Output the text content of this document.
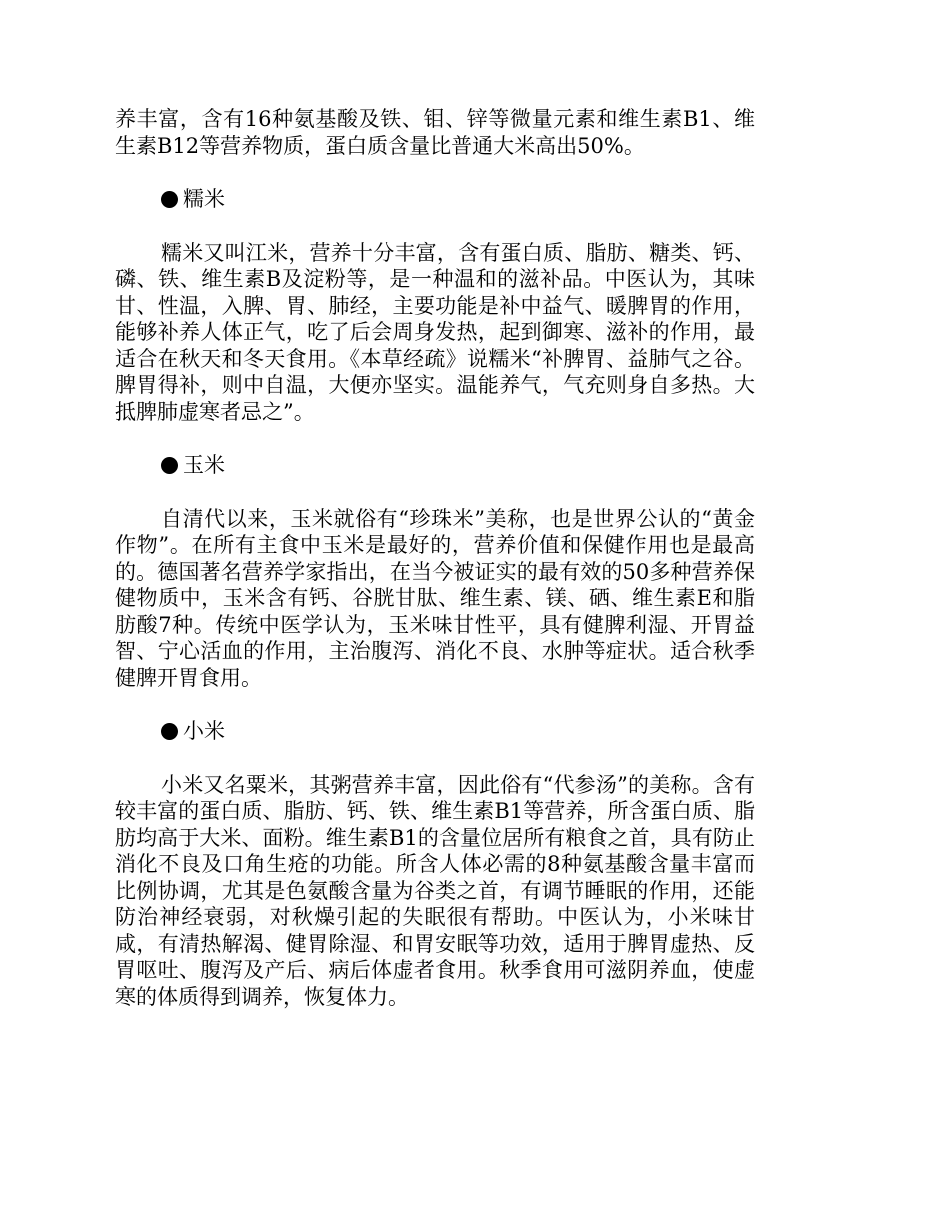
养丰富，含有16种氨基酸及铁、钼、锌等微量元素和维生素B1、维生素B12等营养物质，蛋白质含量比普通大米高出50%。

糯米

糯米又叫江米，营养十分丰富，含有蛋白质、脂肪、糖类、钙、磷、铁、维生素B及淀粉等，是一种温和的滋补品。中医认为，其味甘、性温，入脾、胃、肺经，主要功能是补中益气、暖脾胃的作用，能够补养人体正气，吃了后会周身发热，起到御寒、滋补的作用，最适合在秋天和冬天食用。《本草经疏》说糯米“补脾胃、益肺气之谷。脾胃得补，则中自温，大便亦坚实。温能养气，气充则身自多热。大抵脾肺虚寒者忌之”。

玉米

自清代以来，玉米就俗有“珍珠米”美称，也是世界公认的“黄金作物”。在所有主食中玉米是最好的，营养价值和保健作用也是最高的。德国著名营养学家指出，在当今被证实的最有效的50多种营养保健物质中，玉米含有钙、谷胱甘肽、维生素、镁、硒、维生素E和脂肪酸7种。传统中医学认为，玉米味甘性平，具有健脾利湿、开胃益智、宁心活血的作用，主治腹泻、消化不良、水肿等症状。适合秋季健脾开胃食用。

小米

小米又名粟米，其粥营养丰富，因此俗有“代参汤”的美称。含有较丰富的蛋白质、脂肪、钙、铁、维生素B1等营养，所含蛋白质、脂肪均高于大米、面粉。维生素B1的含量位居所有粮食之首，具有防止消化不良及口角生疮的功能。所含人体必需的8种氨基酸含量丰富而比例协调，尤其是色氨酸含量为谷类之首，有调节睡眠的作用，还能防治神经衰弱，对秋燥引起的失眠很有帮助。中医认为，小米味甘咸，有清热解渴、健胃除湿、和胃安眠等功效，适用于脾胃虚热、反胃呕吐、腹泻及产后、病后体虚者食用。秋季食用可滋阴养血，使虚寒的体质得到调养，恢复体力。
